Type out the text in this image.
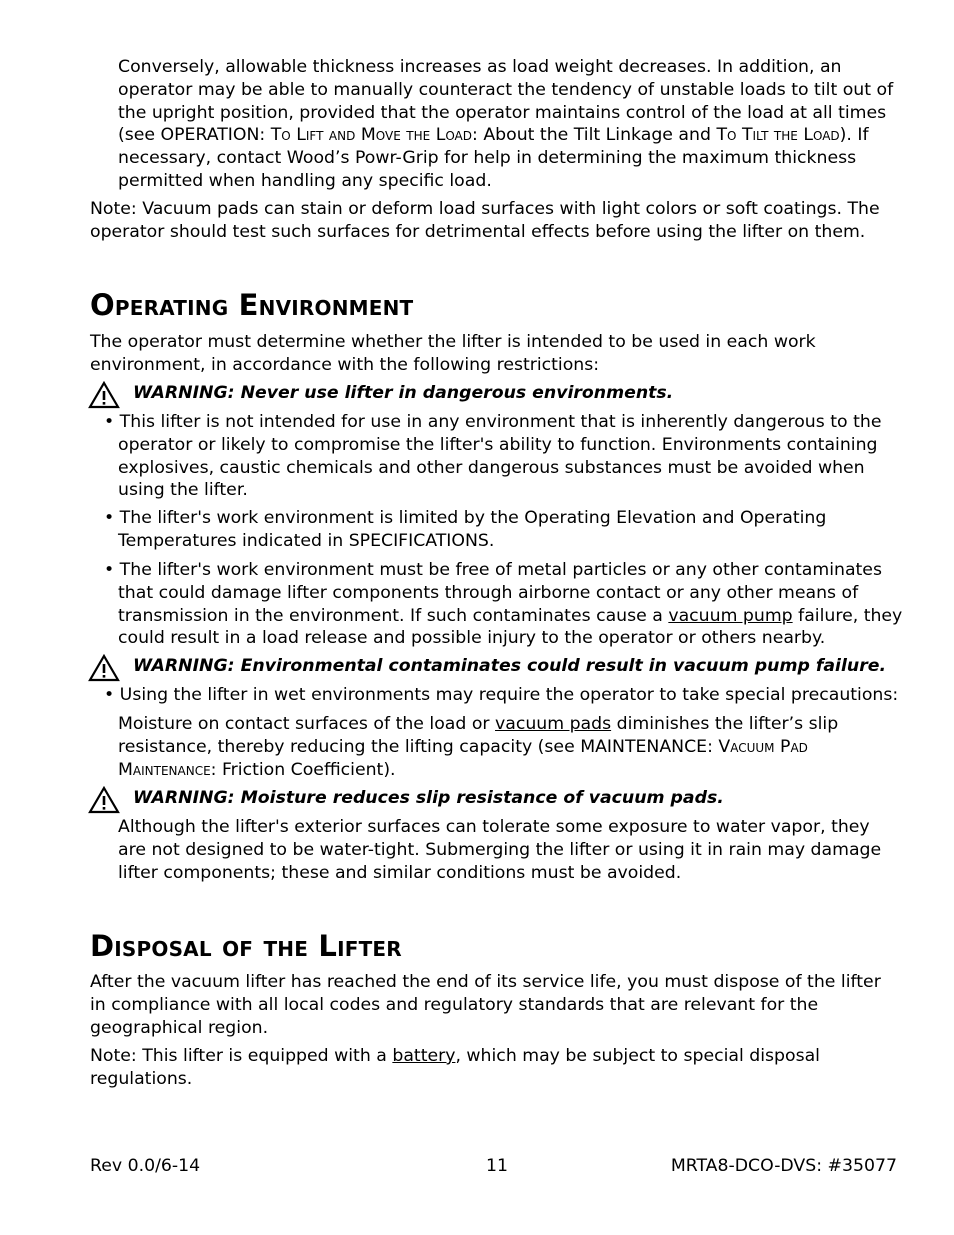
Conversely, allowable thickness increases as load weight decreases. In addition, an operator may be able to manually counteract the tendency of unstable loads to tilt out of the upright position, provided that the operator maintains control of the load at all times (see OPERATION: To Lift and Move the Load: About the Tilt Linkage and To Tilt the Load). If necessary, contact Wood’s Powr-Grip for help in determining the maximum thickness permitted when handling any specific load.

Note: Vacuum pads can stain or deform load surfaces with light colors or soft coatings. The operator should test such surfaces for detrimental effects before using the lifter on them.

Operating Environment

The operator must determine whether the lifter is intended to be used in each work environment, in accordance with the following restrictions:

WARNING: Never use lifter in dangerous environments.

• This lifter is not intended for use in any environment that is inherently dangerous to the operator or likely to compromise the lifter's ability to function. Environments containing explosives, caustic chemicals and other dangerous substances must be avoided when using the lifter.

• The lifter's work environment is limited by the Operating Elevation and Operating Temperatures indicated in SPECIFICATIONS.

• The lifter's work environment must be free of metal particles or any other contaminates that could damage lifter components through airborne contact or any other means of transmission in the environment. If such contaminates cause a vacuum pump failure, they could result in a load release and possible injury to the operator or others nearby.

WARNING: Environmental contaminates could result in vacuum pump failure.

• Using the lifter in wet environments may require the operator to take special precautions:

Moisture on contact surfaces of the load or vacuum pads diminishes the lifter’s slip resistance, thereby reducing the lifting capacity (see MAINTENANCE: Vacuum Pad Maintenance: Friction Coefficient).

WARNING: Moisture reduces slip resistance of vacuum pads.

Although the lifter's exterior surfaces can tolerate some exposure to water vapor, they are not designed to be water-tight. Submerging the lifter or using it in rain may damage lifter components; these and similar conditions must be avoided.

Disposal of the Lifter

After the vacuum lifter has reached the end of its service life, you must dispose of the lifter in compliance with all local codes and regulatory standards that are relevant for the geographical region.

Note: This lifter is equipped with a battery, which may be subject to special disposal regulations.

Rev 0.0/6-14	11	MRTA8-DCO-DVS: #35077
